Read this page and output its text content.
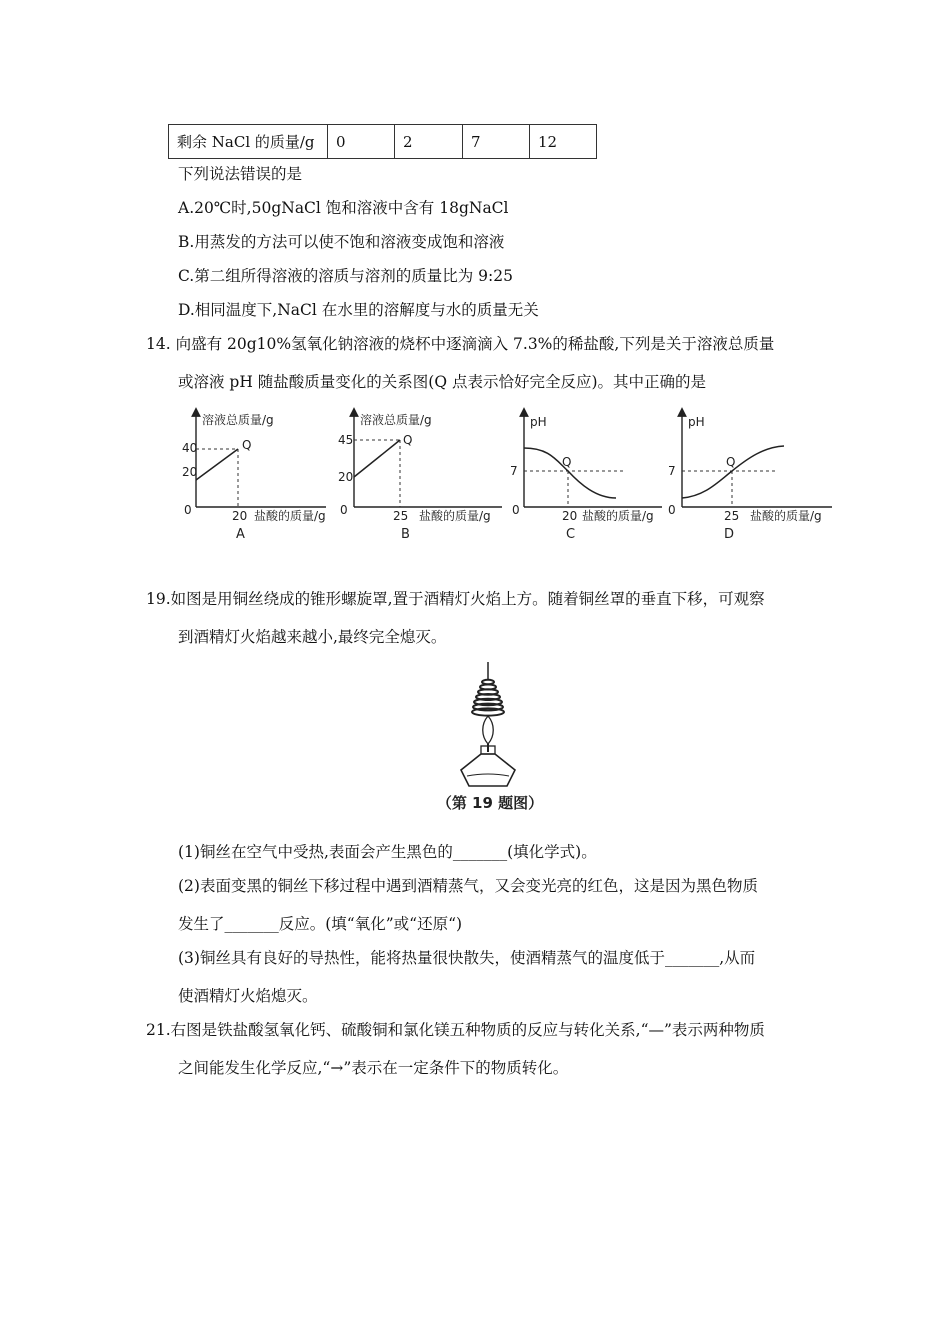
剩余 NaCl 的质量/g	0	2	7	12
下列说法错误的是
A.20℃时,50gNaCl 饱和溶液中含有 18gNaCl
B.用蒸发的方法可以使不饱和溶液变成饱和溶液
C.第二组所得溶液的溶质与溶剂的质量比为 9:25
D.相同温度下,NaCl 在水里的溶解度与水的质量无关
14. 向盛有 20g10%氢氧化钠溶液的烧杯中逐滴滴入 7.3%的稀盐酸,下列是关于溶液总质量
或溶液 pH 随盐酸质量变化的关系图(Q 点表示恰好完全反应)。其中正确的是
溶液总质量/g
40
20
Q
0	20 盐酸的质量/g
A
溶液总质量/g
45
20
Q
0	25 盐酸的质量/g
B
pH
7
Q
0	20 盐酸的质量/g
C
pH
7
Q
0	25 盐酸的质量/g
D
19.如图是用铜丝绕成的锥形螺旋罩,置于酒精灯火焰上方。随着铜丝罩的垂直下移，可观察
到酒精灯火焰越来越小,最终完全熄灭。
（第 19 题图）
(1)铜丝在空气中受热,表面会产生黑色的_______(填化学式)。
(2)表面变黑的铜丝下移过程中遇到酒精蒸气，又会变光亮的红色，这是因为黑色物质
发生了_______反应。(填“氧化”或“还原“)
(3)铜丝具有良好的导热性，能将热量很快散失，使酒精蒸气的温度低于_______,从而
使酒精灯火焰熄灭。
21.右图是铁盐酸氢氧化钙、硫酸铜和氯化镁五种物质的反应与转化关系,“—”表示两种物质
之间能发生化学反应,“→”表示在一定条件下的物质转化。
